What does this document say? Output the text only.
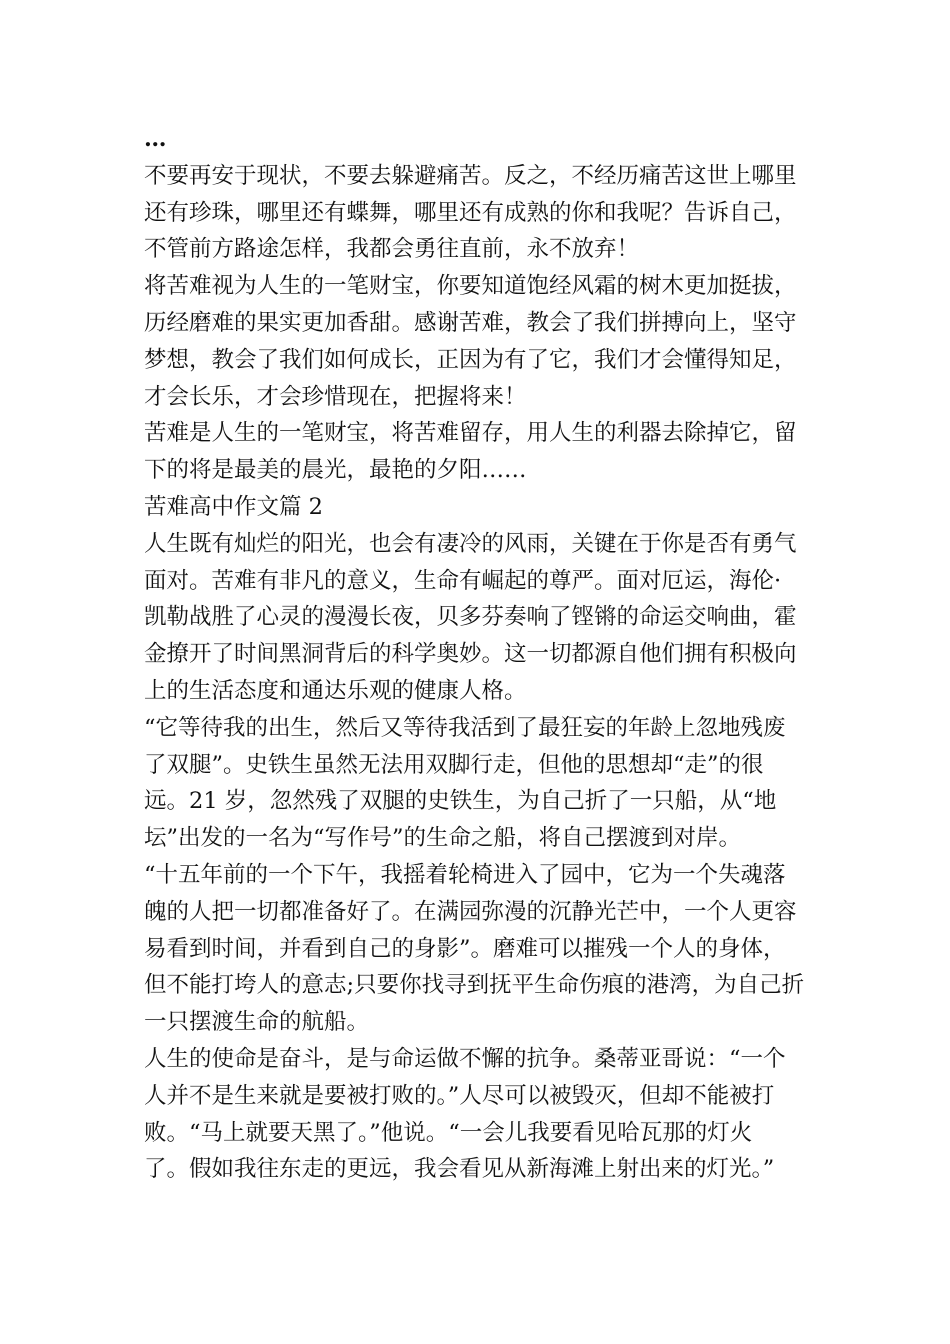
…
不要再安于现状，不要去躲避痛苦。反之，不经历痛苦这世上哪里
还有珍珠，哪里还有蝶舞，哪里还有成熟的你和我呢？告诉自己，
不管前方路途怎样，我都会勇往直前，永不放弃！
将苦难视为人生的一笔财宝，你要知道饱经风霜的树木更加挺拔，
历经磨难的果实更加香甜。感谢苦难，教会了我们拼搏向上，坚守
梦想，教会了我们如何成长，正因为有了它，我们才会懂得知足，
才会长乐，才会珍惜现在，把握将来！
苦难是人生的一笔财宝，将苦难留存，用人生的利器去除掉它，留
下的将是最美的晨光，最艳的夕阳……
苦难高中作文篇 2
人生既有灿烂的阳光，也会有凄冷的风雨，关键在于你是否有勇气
面对。苦难有非凡的意义，生命有崛起的尊严。面对厄运，海伦·
凯勒战胜了心灵的漫漫长夜，贝多芬奏响了铿锵的命运交响曲，霍
金撩开了时间黑洞背后的科学奥妙。这一切都源自他们拥有积极向
上的生活态度和通达乐观的健康人格。
“它等待我的出生，然后又等待我活到了最狂妄的年龄上忽地残废
了双腿”。史铁生虽然无法用双脚行走，但他的思想却“走”的很
远。21 岁，忽然残了双腿的史铁生，为自己折了一只船，从“地
坛”出发的一名为“写作号”的生命之船，将自己摆渡到对岸。
“十五年前的一个下午，我摇着轮椅进入了园中，它为一个失魂落
魄的人把一切都准备好了。在满园弥漫的沉静光芒中，一个人更容
易看到时间，并看到自己的身影”。磨难可以摧残一个人的身体，
但不能打垮人的意志;只要你找寻到抚平生命伤痕的港湾，为自己折
一只摆渡生命的航船。
人生的使命是奋斗，是与命运做不懈的抗争。桑蒂亚哥说：“一个
人并不是生来就是要被打败的。”人尽可以被毁灭，但却不能被打
败。“马上就要天黑了。”他说。“一会儿我要看见哈瓦那的灯火
了。假如我往东走的更远，我会看见从新海滩上射出来的灯光。”
